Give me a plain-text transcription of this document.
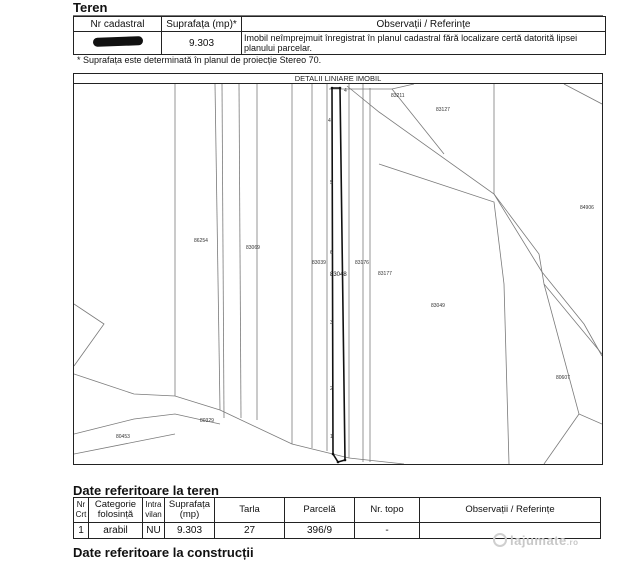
Teren
Nr cadastral	Suprafața (mp)*	Observații / Referințe
	9.303	Imobil neîmprejmuit înregistrat în planul cadastral fără localizare certă datorită lipsei planului parcelar.
* Suprafața este determinată în planul de proiecție Stereo 70.
DETALII LINIARE IMOBIL
83211
83127
84906
86254
83069
83039	83176
83177
83049
80607
80329
80453
4
5
6
3
2
1
4
83048
Date referitoare la teren
Nr Crt	Categorie folosință	Intra vilan	Suprafața (mp)	Tarla	Parcelă	Nr. topo	Observații / Referințe
1	arabil	NU	9.303	27	396/9	-	
Date referitoare la construcții
lajumate.ro
